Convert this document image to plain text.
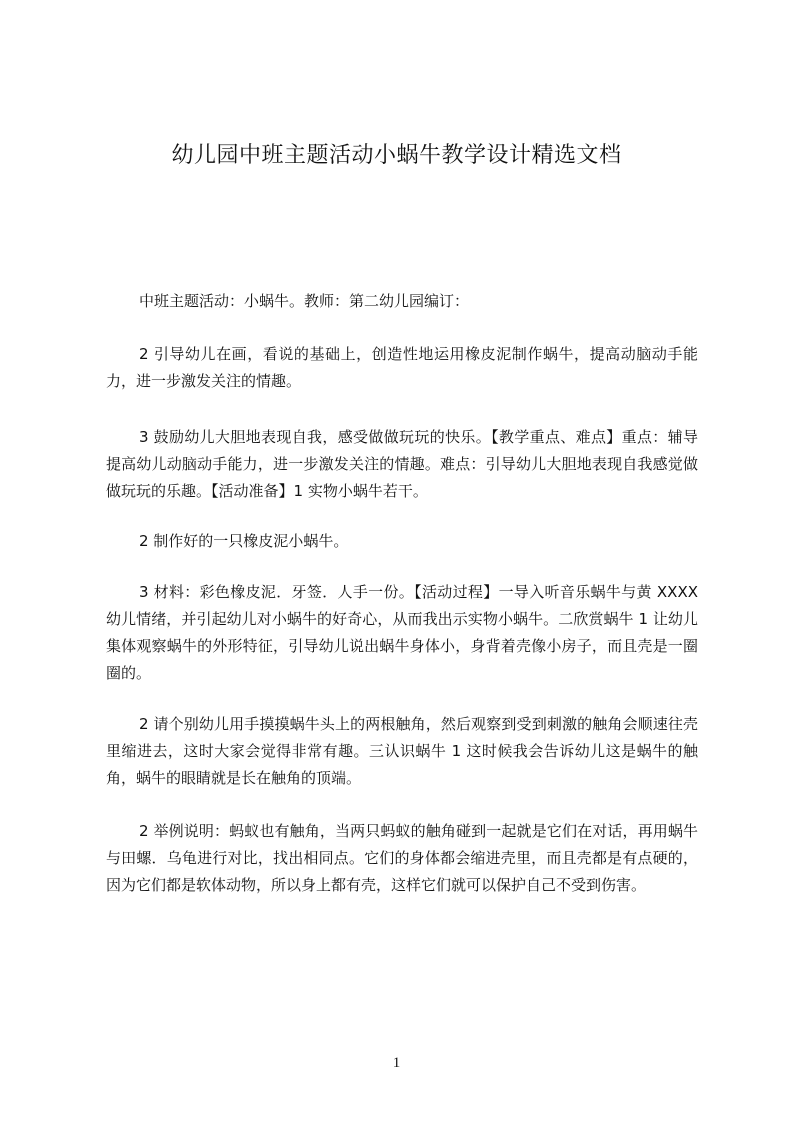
幼儿园中班主题活动小蜗牛教学设计精选文档

中班主题活动：小蜗牛。教师：第二幼儿园编订：

2 引导幼儿在画，看说的基础上，创造性地运用橡皮泥制作蜗牛，提高动脑动手能力，进一步激发关注的情趣。

3 鼓励幼儿大胆地表现自我，感受做做玩玩的快乐。【教学重点、难点】重点：辅导提高幼儿动脑动手能力，进一步激发关注的情趣。难点：引导幼儿大胆地表现自我感觉做做玩玩的乐趣。【活动准备】1 实物小蜗牛若干。

2 制作好的一只橡皮泥小蜗牛。

3 材料：彩色橡皮泥．牙签．人手一份。【活动过程】一导入听音乐蜗牛与黄 XXXX 幼儿情绪，并引起幼儿对小蜗牛的好奇心，从而我出示实物小蜗牛。二欣赏蜗牛 1 让幼儿集体观察蜗牛的外形特征，引导幼儿说出蜗牛身体小，身背着壳像小房子，而且壳是一圈圈的。

2 请个别幼儿用手摸摸蜗牛头上的两根触角，然后观察到受到刺激的触角会顺速往壳里缩进去，这时大家会觉得非常有趣。三认识蜗牛 1 这时候我会告诉幼儿这是蜗牛的触角，蜗牛的眼睛就是长在触角的顶端。

2 举例说明：蚂蚁也有触角，当两只蚂蚁的触角碰到一起就是它们在对话，再用蜗牛与田螺．乌龟进行对比，找出相同点。它们的身体都会缩进壳里，而且壳都是有点硬的，因为它们都是软体动物，所以身上都有壳，这样它们就可以保护自己不受到伤害。

1
